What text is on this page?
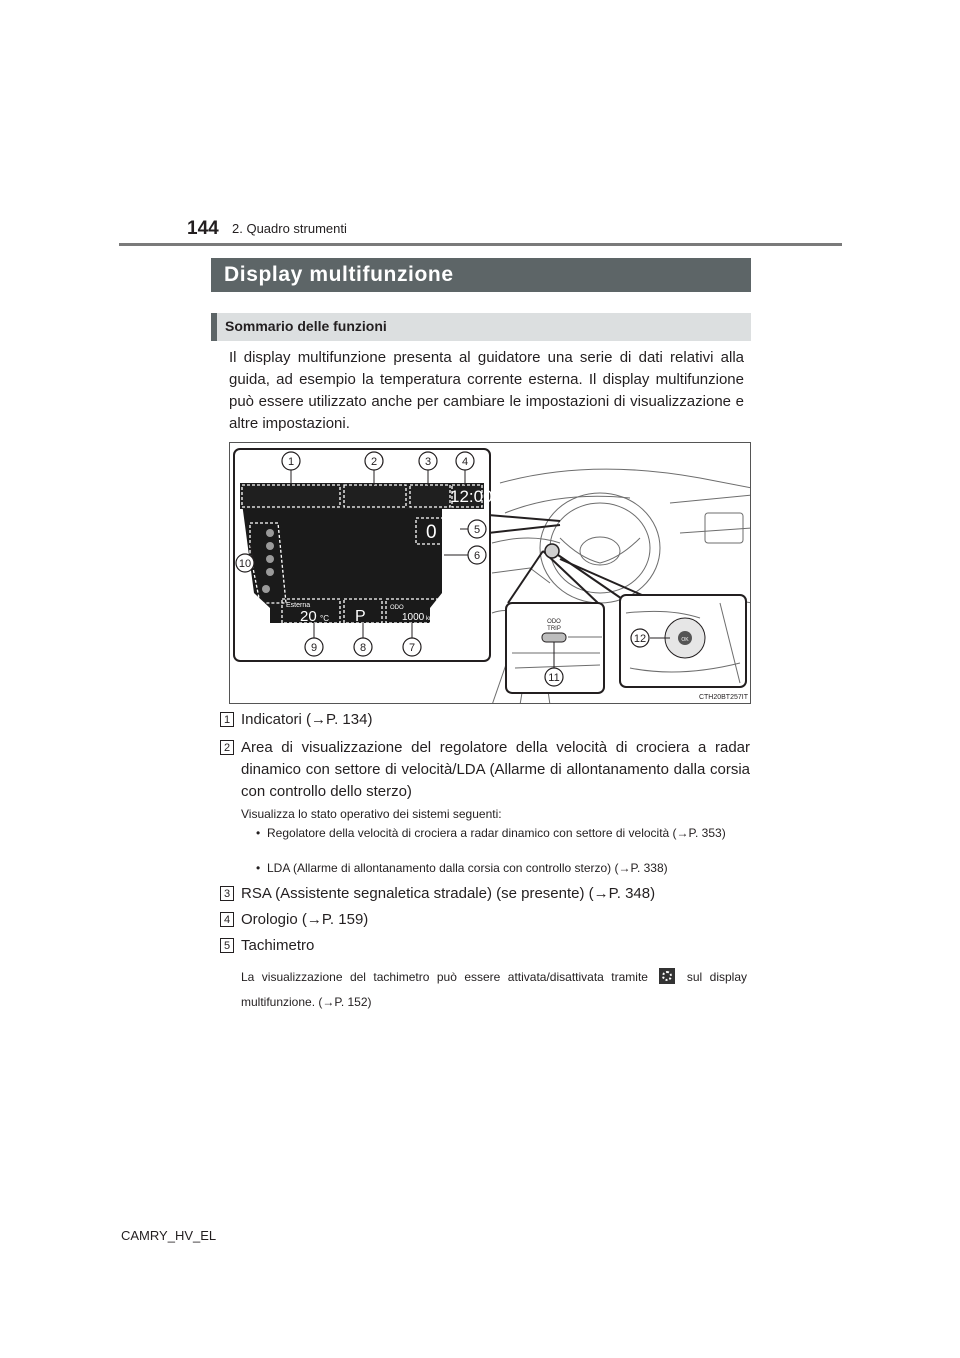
144 2. Quadro strumenti
Display multifunzione
Sommario delle funzioni

Il display multifunzione presenta al guidatore una serie di dati relativi alla guida, ad esempio la temperatura corrente esterna. Il display multifunzione può essere utilizzato anche per cambiare le impostazioni di visualizzazione e altre impostazioni.

12:00
0 km/h
Esterna
20 °C P	ODO
1000 km
1	2	3	4
5
6
7
8
9
10
ODO
TRIP
11
OK
12
CTH20BT257IT
1 Indicatori (→P. 134)
2 Area di visualizzazione del regolatore della velocità di crociera a radar dinamico con settore di velocità/LDA (Allarme di allontanamento dalla corsia con controllo dello sterzo)
Visualizza lo stato operativo dei sistemi seguenti:
• Regolatore della velocità di crociera a radar dinamico con settore di velocità (→P. 353)
• LDA (Allarme di allontanamento dalla corsia con controllo sterzo) (→P. 338)
3 RSA (Assistente segnaletica stradale) (se presente) (→P. 348)
4 Orologio (→P. 159)
5 Tachimetro
La visualizzazione del tachimetro può essere attivata/disattivata tramite	sul display multifunzione. (→P. 152)
CAMRY_HV_EL
